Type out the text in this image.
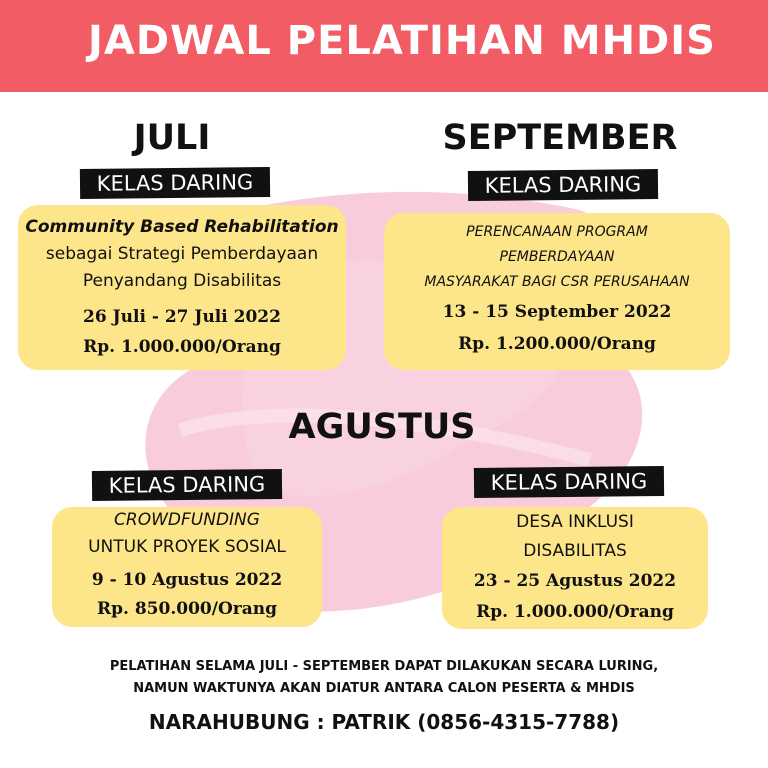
JADWAL PELATIHAN MHDIS
JULI
KELAS DARING
Community Based Rehabilitation
sebagai Strategi Pemberdayaan
Penyandang Disabilitas
26 Juli - 27 Juli 2022
Rp. 1.000.000/Orang
SEPTEMBER
KELAS DARING
PERENCANAAN PROGRAM
PEMBERDAYAAN
MASYARAKAT BAGI CSR PERUSAHAAN
13 - 15 September 2022
Rp. 1.200.000/Orang
AGUSTUS
KELAS DARING
CROWDFUNDING
UNTUK PROYEK SOSIAL
9 - 10 Agustus 2022
Rp. 850.000/Orang
KELAS DARING
DESA INKLUSI
DISABILITAS
23 - 25 Agustus 2022
Rp. 1.000.000/Orang
PELATIHAN SELAMA JULI - SEPTEMBER DAPAT DILAKUKAN SECARA LURING,
NAMUN WAKTUNYA AKAN DIATUR ANTARA CALON PESERTA & MHDIS
NARAHUBUNG : PATRIK (0856-4315-7788)
